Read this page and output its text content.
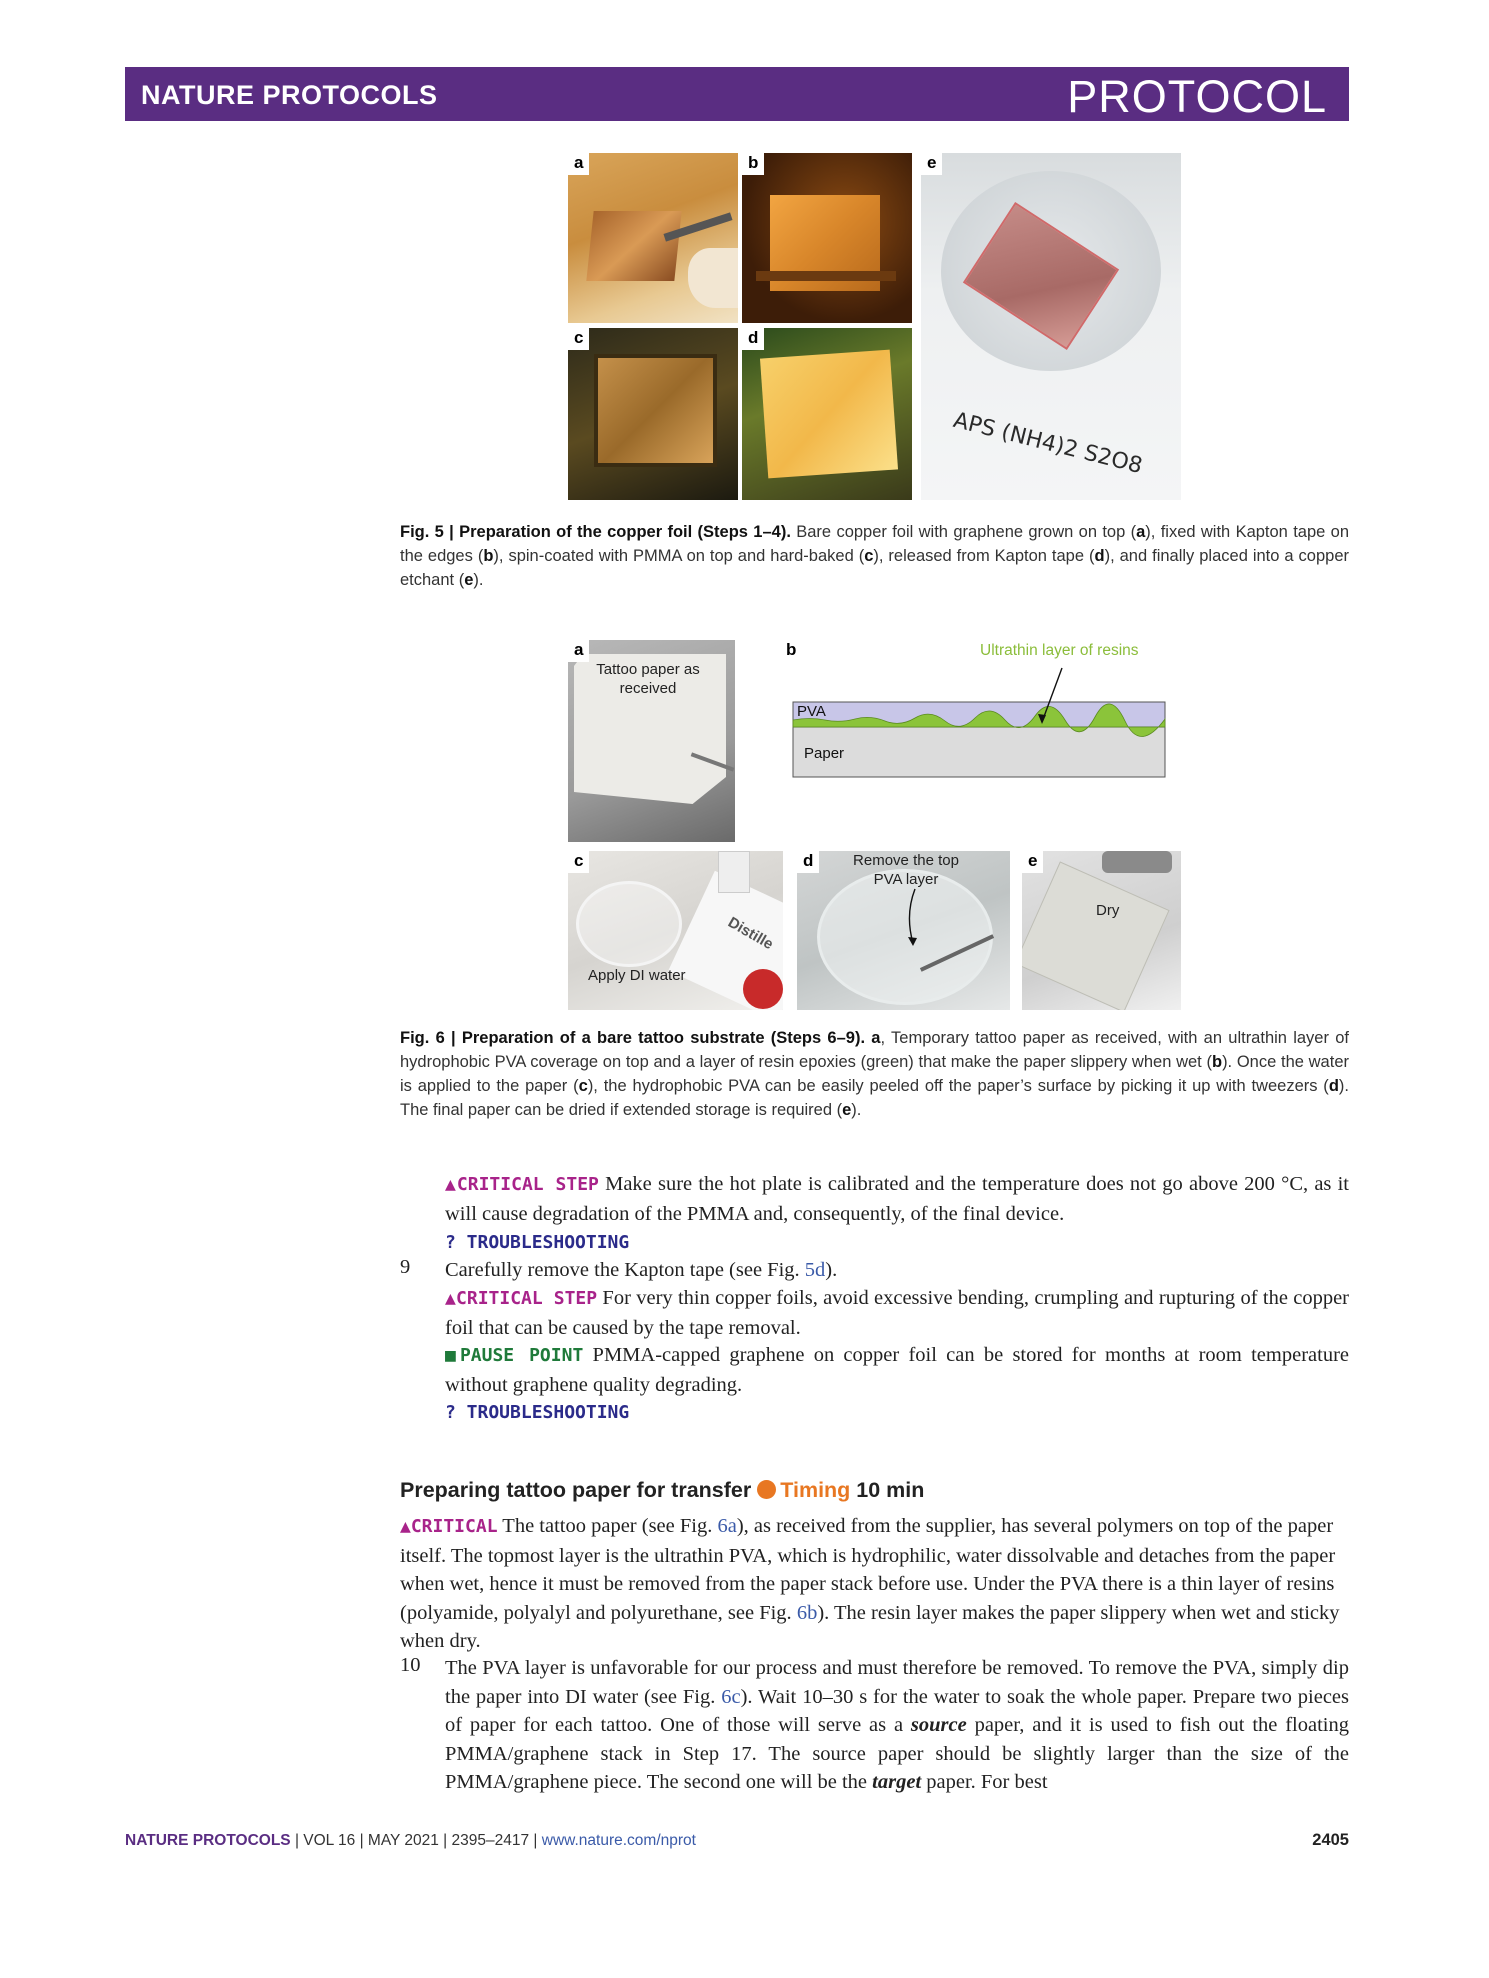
NATURE PROTOCOLS	PROTOCOL
a	b
c	d
APS (NH4)2 S2O8
e
Fig. 5 | Preparation of the copper foil (Steps 1–4). Bare copper foil with graphene grown on top (a), fixed with Kapton tape on the edges (b), spin-coated with PMMA on top and hard-baked (c), released from Kapton tape (d), and finally placed into a copper etchant (e).
Tattoo paper as received
a	b	Ultrathin layer of resins
PVA
Paper
Distille
Apply DI water
c	Remove the top PVA layer
d
Dry
e
Fig. 6 | Preparation of a bare tattoo substrate (Steps 6–9). a, Temporary tattoo paper as received, with an ultrathin layer of hydrophobic PVA coverage on top and a layer of resin epoxies (green) that make the paper slippery when wet (b). Once the water is applied to the paper (c), the hydrophobic PVA can be easily peeled off the paper’s surface by picking it up with tweezers (d). The final paper can be dried if extended storage is required (e).
▲CRITICAL STEP Make sure the hot plate is calibrated and the temperature does not go above 200 °C, as it will cause degradation of the PMMA and, consequently, of the final device.
? TROUBLESHOOTING
9 Carefully remove the Kapton tape (see Fig. 5d).
▲CRITICAL STEP For very thin copper foils, avoid excessive bending, crumpling and rupturing of the copper foil that can be caused by the tape removal.
■PAUSE POINT PMMA-capped graphene on copper foil can be stored for months at room temperature without graphene quality degrading.
? TROUBLESHOOTING
Preparing tattoo paper for transfer Timing 10 min
▲CRITICAL The tattoo paper (see Fig. 6a), as received from the supplier, has several polymers on top of the paper itself. The topmost layer is the ultrathin PVA, which is hydrophilic, water dissolvable and detaches from the paper when wet, hence it must be removed from the paper stack before use. Under the PVA there is a thin layer of resins (polyamide, polyalyl and polyurethane, see Fig. 6b). The resin layer makes the paper slippery when wet and sticky when dry.
10 The PVA layer is unfavorable for our process and must therefore be removed. To remove the PVA, simply dip the paper into DI water (see Fig. 6c). Wait 10–30 s for the water to soak the whole paper. Prepare two pieces of paper for each tattoo. One of those will serve as a source paper, and it is used to fish out the floating PMMA/graphene stack in Step 17. The source paper should be slightly larger than the size of the PMMA/graphene piece. The second one will be the target paper. For best
NATURE PROTOCOLS | VOL 16 | MAY 2021 | 2395–2417 | www.nature.com/nprot	2405
